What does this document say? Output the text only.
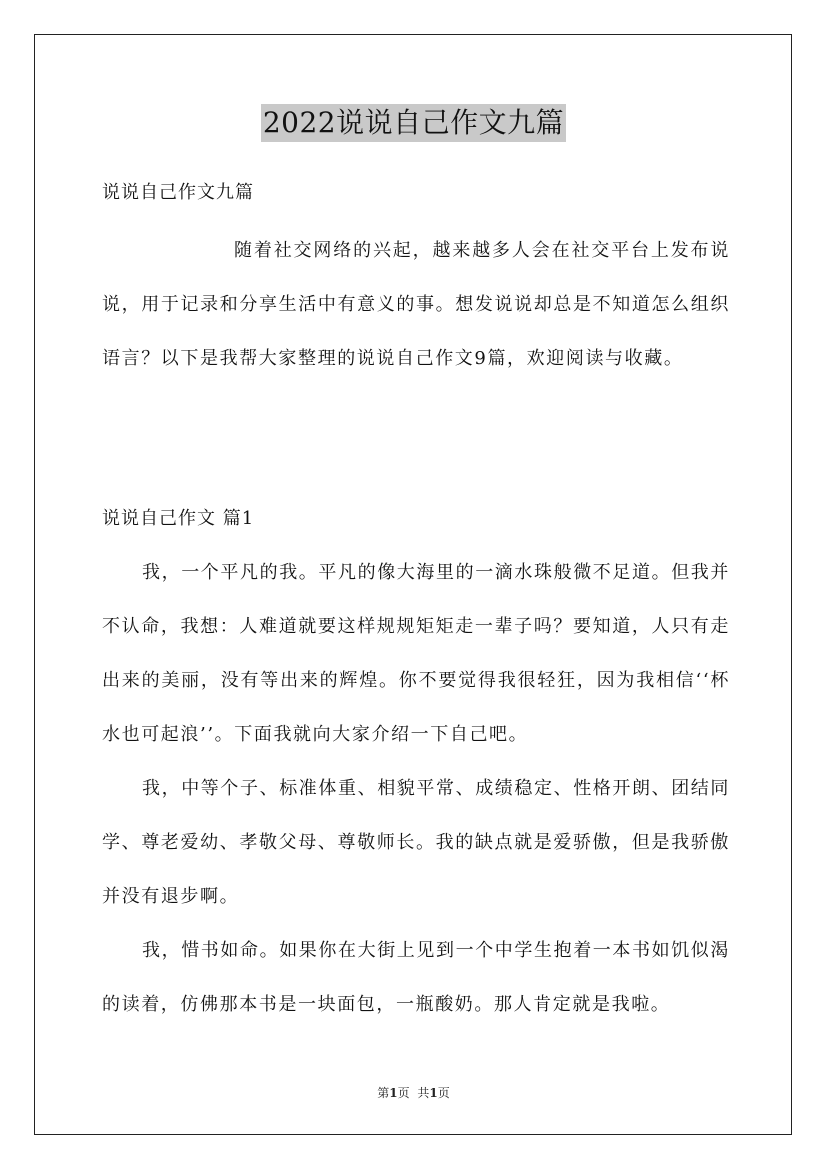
2022说说自己作文九篇
说说自己作文九篇
随着社交网络的兴起，越来越多人会在社交平台上发布说说，用于记录和分享生活中有意义的事。想发说说却总是不知道怎么组织语言？以下是我帮大家整理的说说自己作文9篇，欢迎阅读与收藏。
说说自己作文 篇1

我，一个平凡的我。平凡的像大海里的一滴水珠般微不足道。但我并不认命，我想：人难道就要这样规规矩矩走一辈子吗？要知道，人只有走出来的美丽，没有等出来的辉煌。你不要觉得我很轻狂，因为我相信‘‘杯水也可起浪’’。下面我就向大家介绍一下自己吧。

我，中等个子、标准体重、相貌平常、成绩稳定、性格开朗、团结同学、尊老爱幼、孝敬父母、尊敬师长。我的缺点就是爱骄傲，但是我骄傲并没有退步啊。

我，惜书如命。如果你在大街上见到一个中学生抱着一本书如饥似渴的读着，仿佛那本书是一块面包，一瓶酸奶。那人肯定就是我啦。

第1页 共1页
